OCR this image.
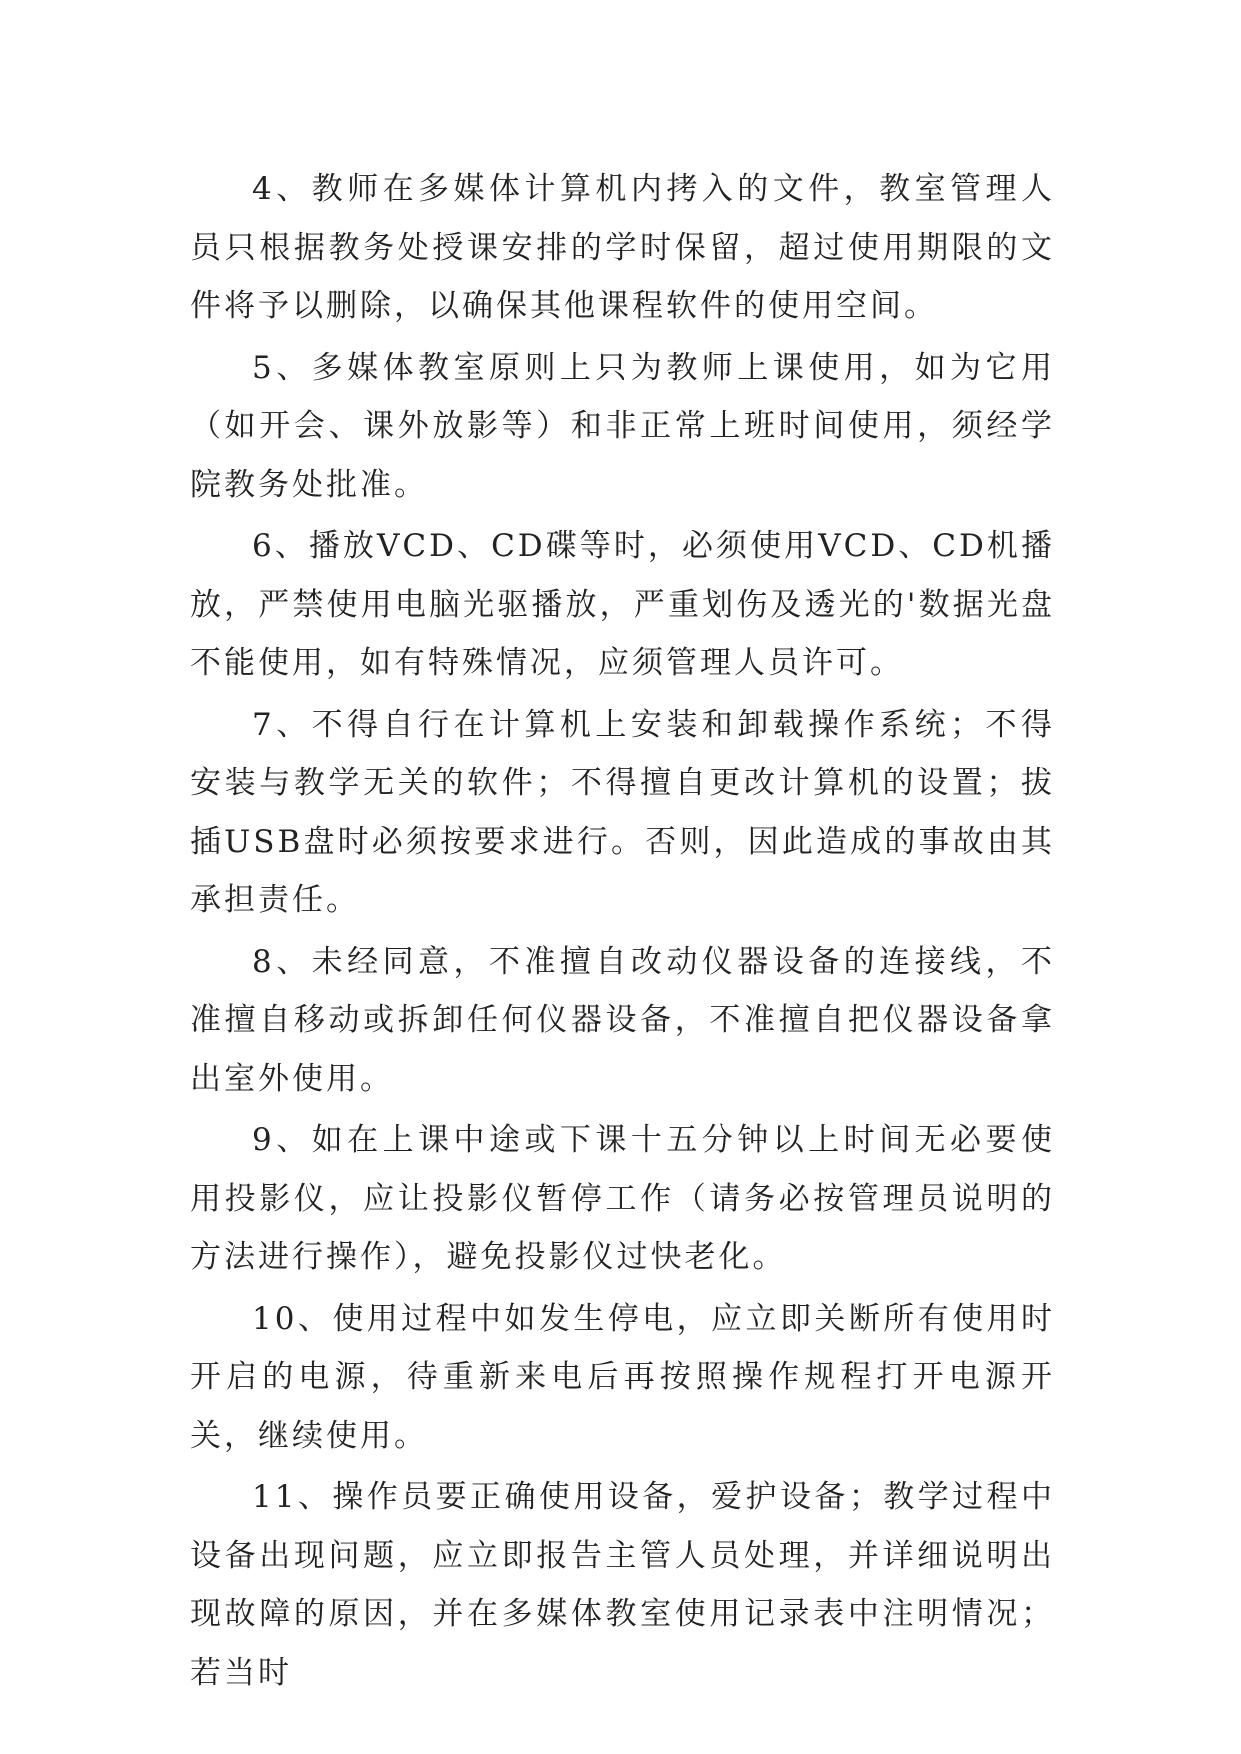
4、教师在多媒体计算机内拷入的文件，教室管理人员只根据教务处授课安排的学时保留，超过使用期限的文件将予以删除，以确保其他课程软件的使用空间。

5、多媒体教室原则上只为教师上课使用，如为它用（如开会、课外放影等）和非正常上班时间使用，须经学院教务处批准。

6、播放VCD、CD碟等时，必须使用VCD、CD机播放，严禁使用电脑光驱播放，严重划伤及透光的'数据光盘不能使用，如有特殊情况，应须管理人员许可。

7、不得自行在计算机上安装和卸载操作系统；不得安装与教学无关的软件；不得擅自更改计算机的设置；拔插USB盘时必须按要求进行。否则，因此造成的事故由其承担责任。

8、未经同意，不准擅自改动仪器设备的连接线，不准擅自移动或拆卸任何仪器设备，不准擅自把仪器设备拿出室外使用。

9、如在上课中途或下课十五分钟以上时间无必要使用投影仪，应让投影仪暂停工作（请务必按管理员说明的方法进行操作），避免投影仪过快老化。

10、使用过程中如发生停电，应立即关断所有使用时开启的电源，待重新来电后再按照操作规程打开电源开关，继续使用。

11、操作员要正确使用设备，爱护设备；教学过程中设备出现问题，应立即报告主管人员处理，并详细说明出现故障的原因，并在多媒体教室使用记录表中注明情况；若当时
